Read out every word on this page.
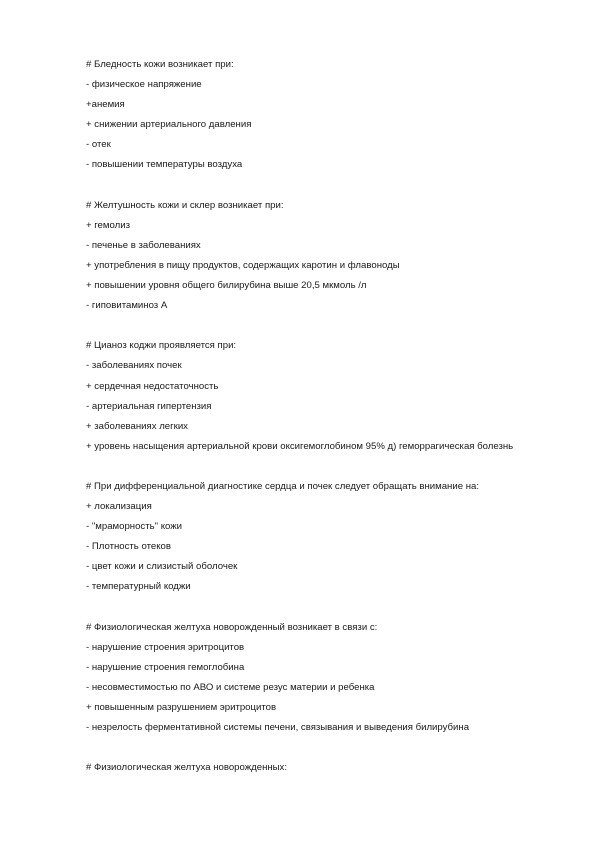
# Бледность кожи возникает при:
- физическое напряжение
+анемия
+ снижении артериального давления
- отек
- повышении температуры воздуха
# Желтушность кожи и склер возникает при:
+ гемолиз
- печенье в заболеваниях
+ употребления в пищу продуктов, содержащих каротин и флавоноды
+ повышении уровня общего билирубина выше 20,5 мкмоль /л
- гиповитаминоз А
# Цианоз коджи проявляется при:
- заболеваниях почек
+ сердечная недостаточность
- артериальная гипертензия
+ заболеваниях легких
+ уровень насыщения артериальной крови оксигемоглобином 95% д) геморрагическая болезнь
# При дифференциальной диагностике сердца и почек следует обращать внимание на:
+ локализация
- "мраморность" кожи
- Плотность отеков
- цвет кожи и слизистый оболочек
- температурный коджи
# Физиологическая желтуха новорожденный возникает в связи с:
- нарушение строения эритроцитов
- нарушение строения гемоглобина
- несовместимостью по АВО и системе резус материи и ребенка
+ повышенным разрушением эритроцитов
- незрелость ферментативной системы печени, связывания и выведения билирубина
# Физиологическая желтуха новорожденных:
